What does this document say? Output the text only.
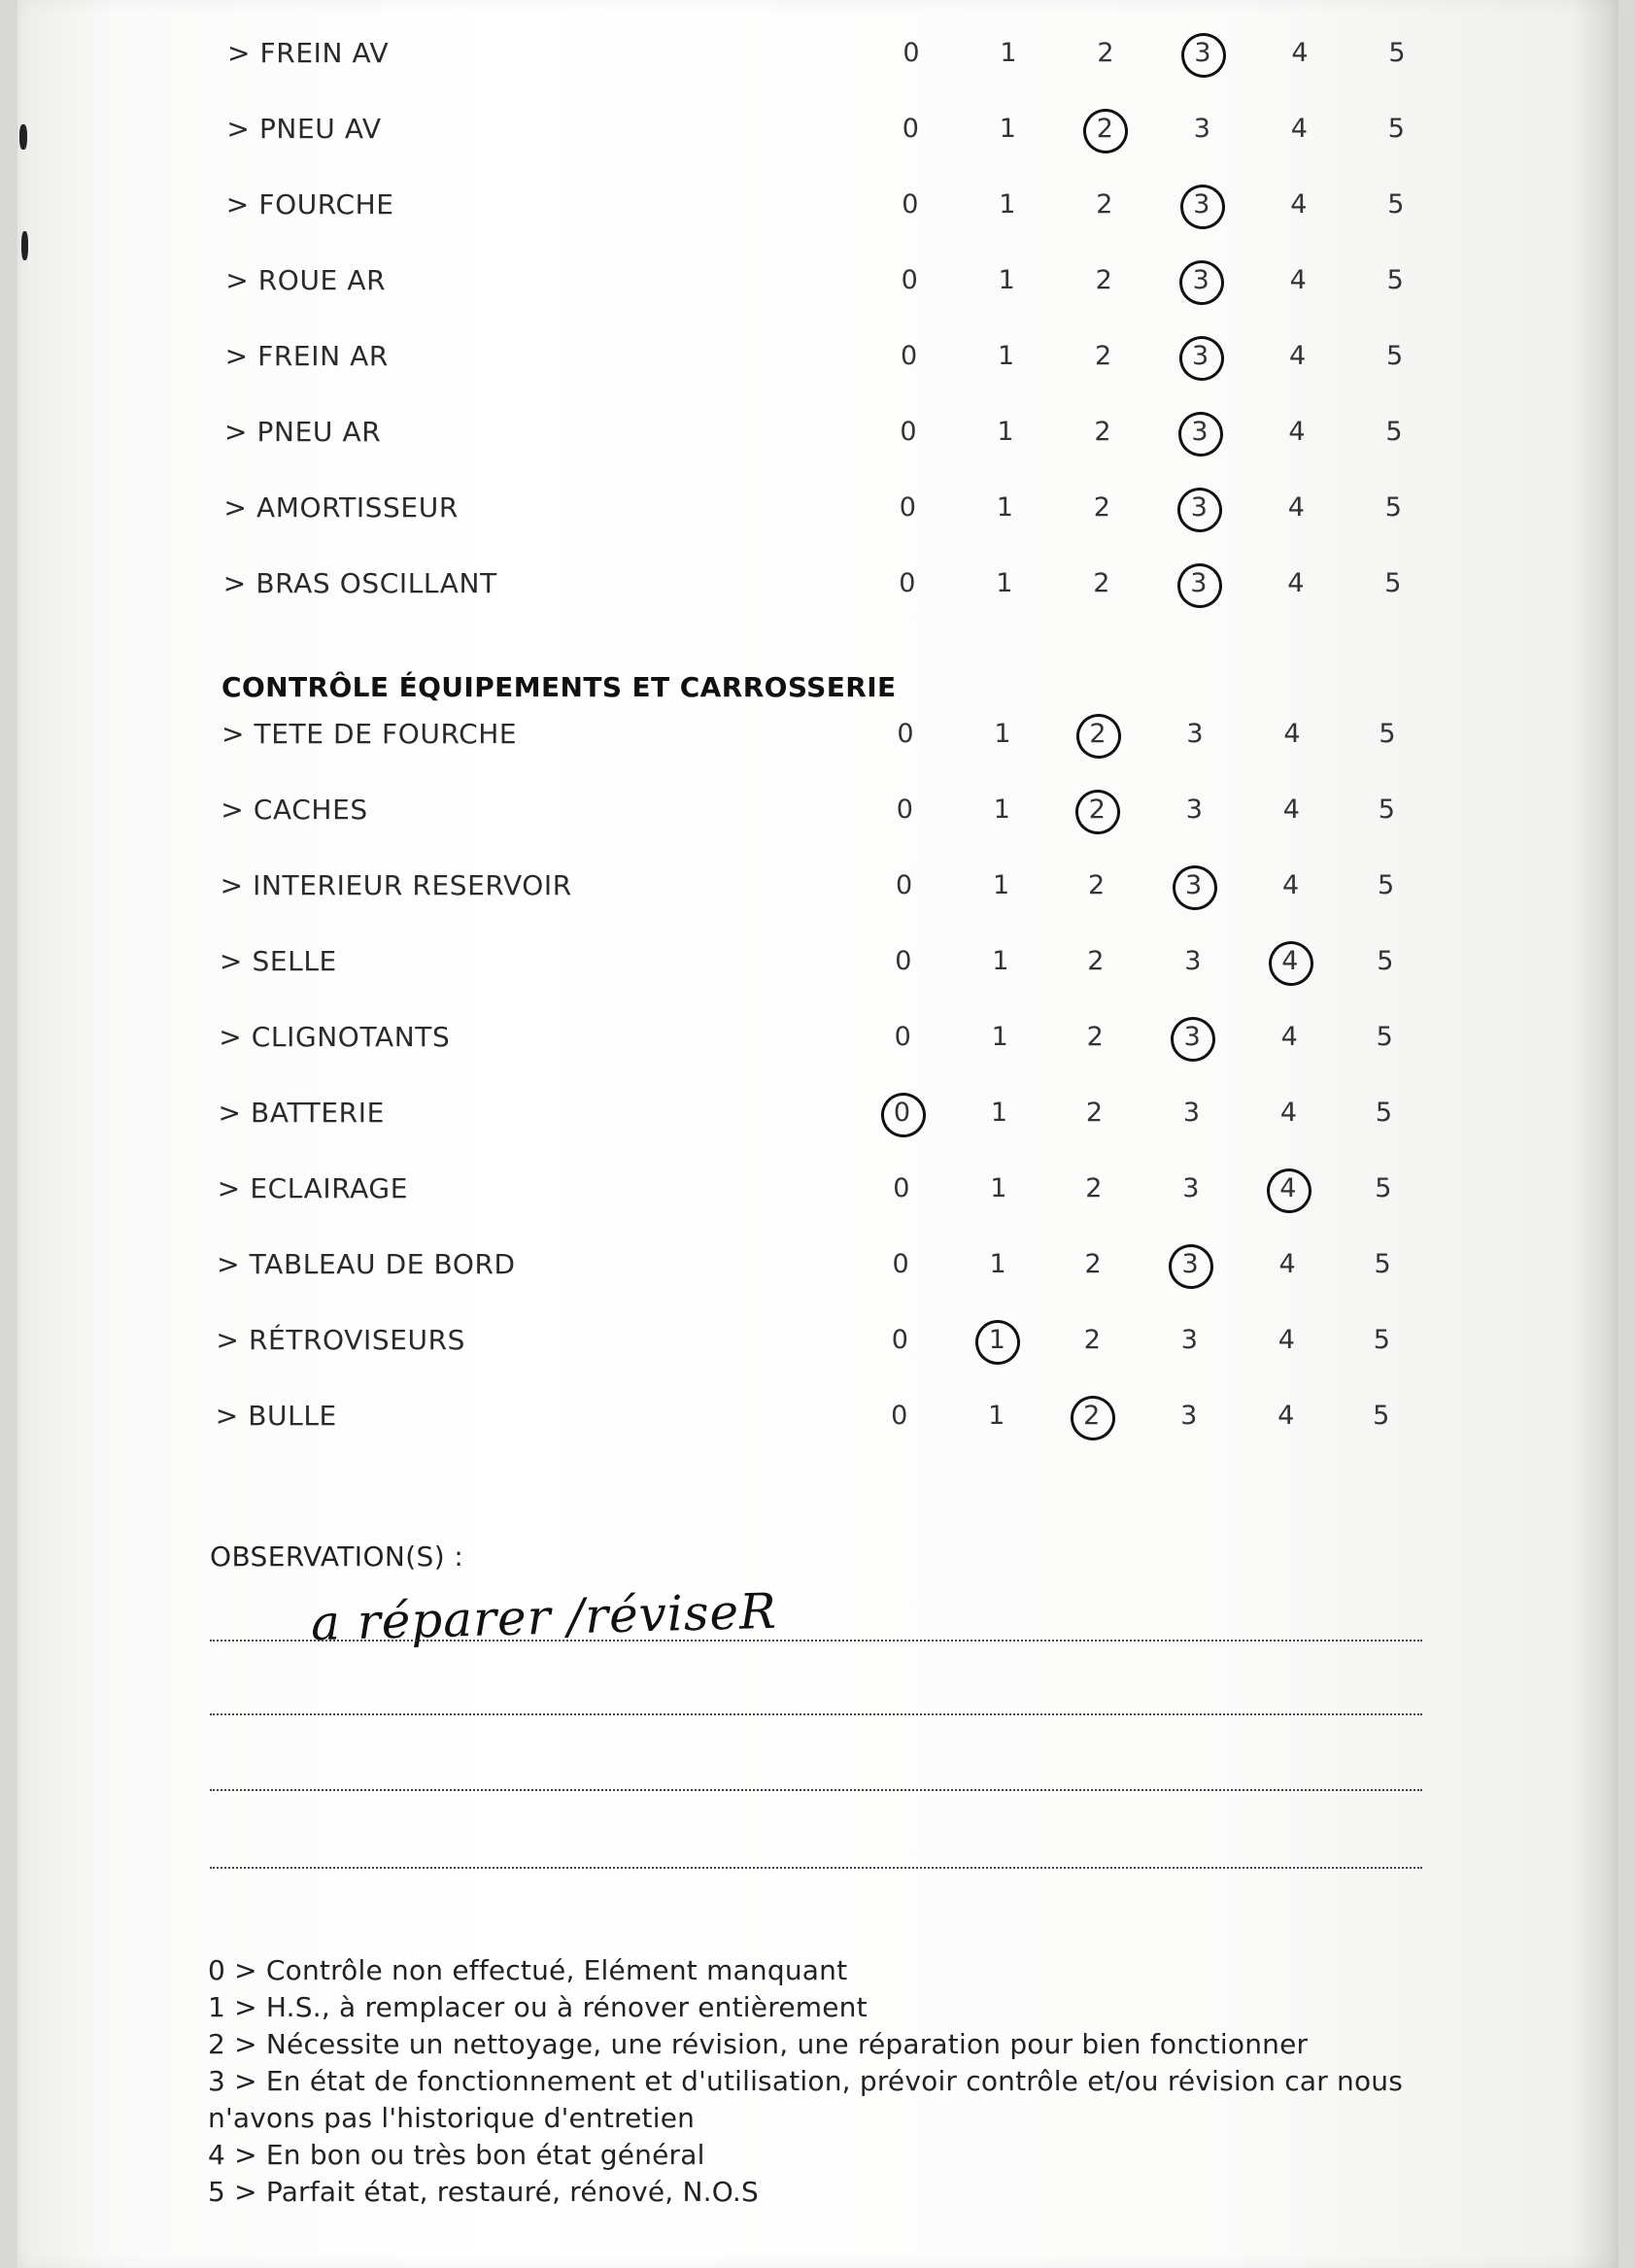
> FREIN AV	0	1	2	3	4	5
> PNEU AV	0	1	2	3	4	5
> FOURCHE	0	1	2	3	4	5
> ROUE AR	0	1	2	3	4	5
> FREIN AR	0	1	2	3	4	5
> PNEU AR	0	1	2	3	4	5
> AMORTISSEUR	0	1	2	3	4	5
> BRAS OSCILLANT	0	1	2	3	4	5
> TETE DE FOURCHE	0	1	2	3	4	5
> CACHES	0	1	2	3	4	5
> INTERIEUR RESERVOIR	0	1	2	3	4	5
> SELLE	0	1	2	3	4	5
> CLIGNOTANTS	0	1	2	3	4	5
> BATTERIE	0	1	2	3	4	5
> ECLAIRAGE	0	1	2	3	4	5
> TABLEAU DE BORD	0	1	2	3	4	5
> RÉTROVISEURS	0	1	2	3	4	5
> BULLE	0	1	2	3	4	5
CONTRÔLE ÉQUIPEMENTS ET CARROSSERIE
OBSERVATION(S) :
a réparer /réviseR
0 > Contrôle non effectué, Elément manquant
1 > H.S., à remplacer ou à rénover entièrement
2 > Nécessite un nettoyage, une révision, une réparation pour bien fonctionner
3 > En état de fonctionnement et d'utilisation, prévoir contrôle et/ou révision car nous
n'avons pas l'historique d'entretien
4 > En bon ou très bon état général
5 > Parfait état, restauré, rénové, N.O.S
